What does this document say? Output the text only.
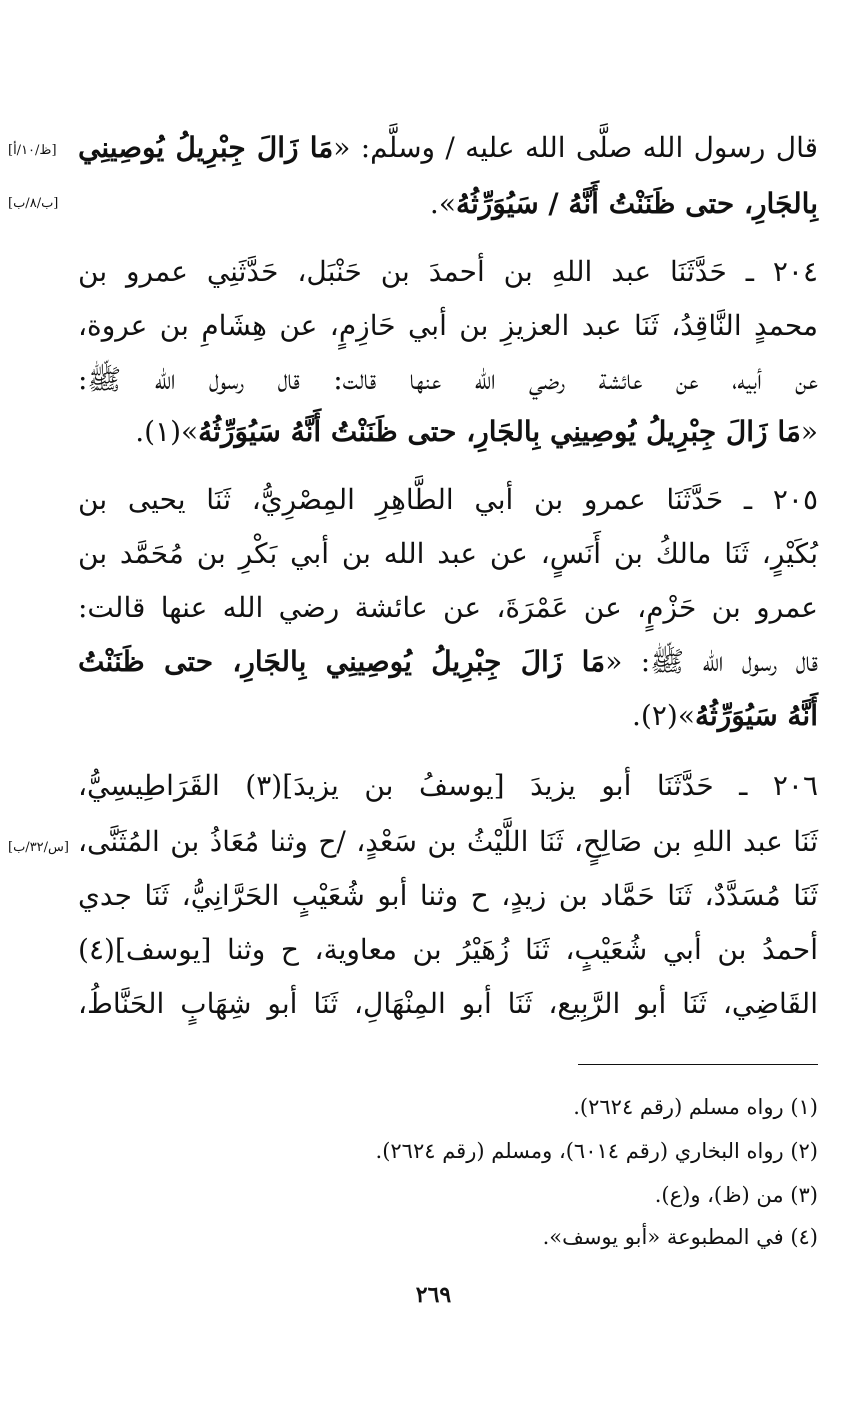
[ظ/١٠/أ]
[ب/٨/ب]
[س/٣٢/ب]
قال رسول الله صلَّى الله عليه / وسلَّم: «مَا زَالَ جِبْرِيلُ يُوصِينِي
بِالجَارِ، حتى ظَنَنْتُ أَنَّهُ / سَيُوَرِّثُهُ».
٢٠٤ ـ حَدَّثَنَا عبد اللهِ بن أحمدَ بن حَنْبَل، حَدَّثَنِي عمرو بن
محمدٍ النَّاقِدُ، ثَنَا عبد العزيزِ بن أبي حَازِمٍ، عن هِشَامِ بن عروة،
عن أبيه، عن عائشة رضي الله عنها قالت: قال رسول الله ﷺ:
«مَا زَالَ جِبْرِيلُ يُوصِينِي بِالجَارِ، حتى ظَنَنْتُ أَنَّهُ سَيُوَرِّثُهُ»(١).
٢٠٥ ـ حَدَّثَنَا عمرو بن أبي الطَّاهِرِ المِصْرِيُّ، ثَنَا يحيى بن
بُكَيْرٍ، ثَنَا مالكُ بن أَنَسٍ، عن عبد الله بن أبي بَكْرِ بن مُحَمَّد بن
عمرو بن حَزْمٍ، عن عَمْرَةَ، عن عائشة رضي الله عنها قالت:
قال رسول الله ﷺ: «مَا زَالَ جِبْرِيلُ يُوصِينِي بِالجَارِ، حتى ظَنَنْتُ
أَنَّهُ سَيُوَرِّثُهُ»(٢).
٢٠٦ ـ حَدَّثَنَا أبو يزيدَ [يوسفُ بن يزيدَ](٣) القَرَاطِيسِيُّ،
ثَنَا عبد اللهِ بن صَالِحٍ، ثَنَا اللَّيْثُ بن سَعْدٍ، /ح وثنا مُعَاذُ بن المُثَنَّى،
ثَنَا مُسَدَّدٌ، ثَنَا حَمَّاد بن زيدٍ، ح وثنا أبو شُعَيْبٍ الحَرَّانِيُّ، ثَنَا جدي
أحمدُ بن أبي شُعَيْبٍ، ثَنَا زُهَيْرُ بن معاوية، ح وثنا [يوسف](٤)
القَاضِي، ثَنَا أبو الرَّبِيع، ثَنَا أبو المِنْهَالِ، ثَنَا أبو شِهَابٍ الحَنَّاطُ،
(١) رواه مسلم (رقم ٢٦٢٤).
(٢) رواه البخاري (رقم ٦٠١٤)، ومسلم (رقم ٢٦٢٤).
(٣) من (ظ)، و(ع).
(٤) في المطبوعة «أبو يوسف».
٢٦٩
